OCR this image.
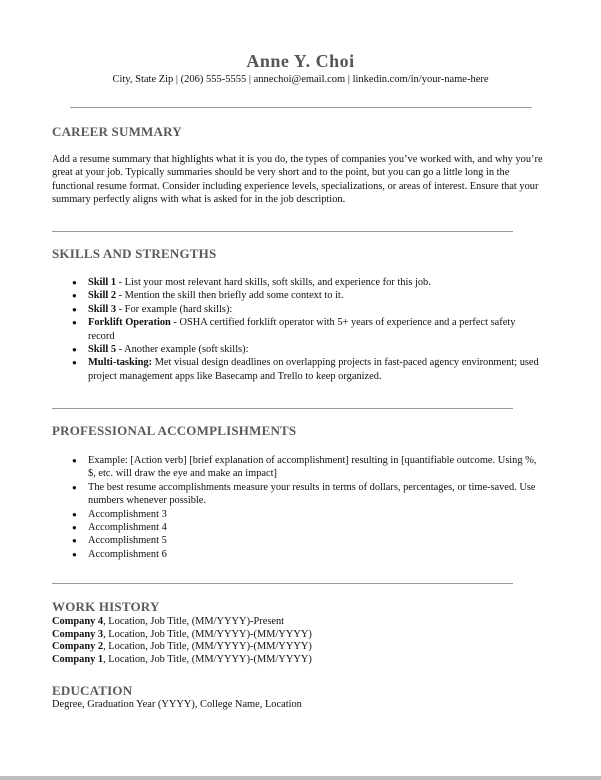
Anne Y. Choi
City, State Zip | (206) 555-5555 | annechoi@email.com | linkedin.com/in/your-name-here
CAREER SUMMARY
Add a resume summary that highlights what it is you do, the types of companies you’ve worked with, and why you’re great at your job. Typically summaries should be very short and to the point, but you can go a little long in the functional resume format. Consider including experience levels, specializations, or areas of interest. Ensure that your summary perfectly aligns with what is asked for in the job description.
SKILLS AND STRENGTHS
● Skill 1 - List your most relevant hard skills, soft skills, and experience for this job.
● Skill 2 - Mention the skill then briefly add some context to it.
● Skill 3 - For example (hard skills):
● Forklift Operation - OSHA certified forklift operator with 5+ years of experience and a perfect safety record
● Skill 5 - Another example (soft skills):
● Multi-tasking: Met visual design deadlines on overlapping projects in fast-paced agency environment; used project management apps like Basecamp and Trello to keep organized.
PROFESSIONAL ACCOMPLISHMENTS
● Example: [Action verb] [brief explanation of accomplishment] resulting in [quantifiable outcome. Using %, $, etc. will draw the eye and make an impact]
● The best resume accomplishments measure your results in terms of dollars, percentages, or time-saved. Use numbers whenever possible.
● Accomplishment 3
● Accomplishment 4
● Accomplishment 5
● Accomplishment 6
WORK HISTORY
Company 4, Location, Job Title, (MM/YYYY)-Present
Company 3, Location, Job Title, (MM/YYYY)-(MM/YYYY)
Company 2, Location, Job Title, (MM/YYYY)-(MM/YYYY)
Company 1, Location, Job Title, (MM/YYYY)-(MM/YYYY)
EDUCATION
Degree, Graduation Year (YYYY), College Name, Location
